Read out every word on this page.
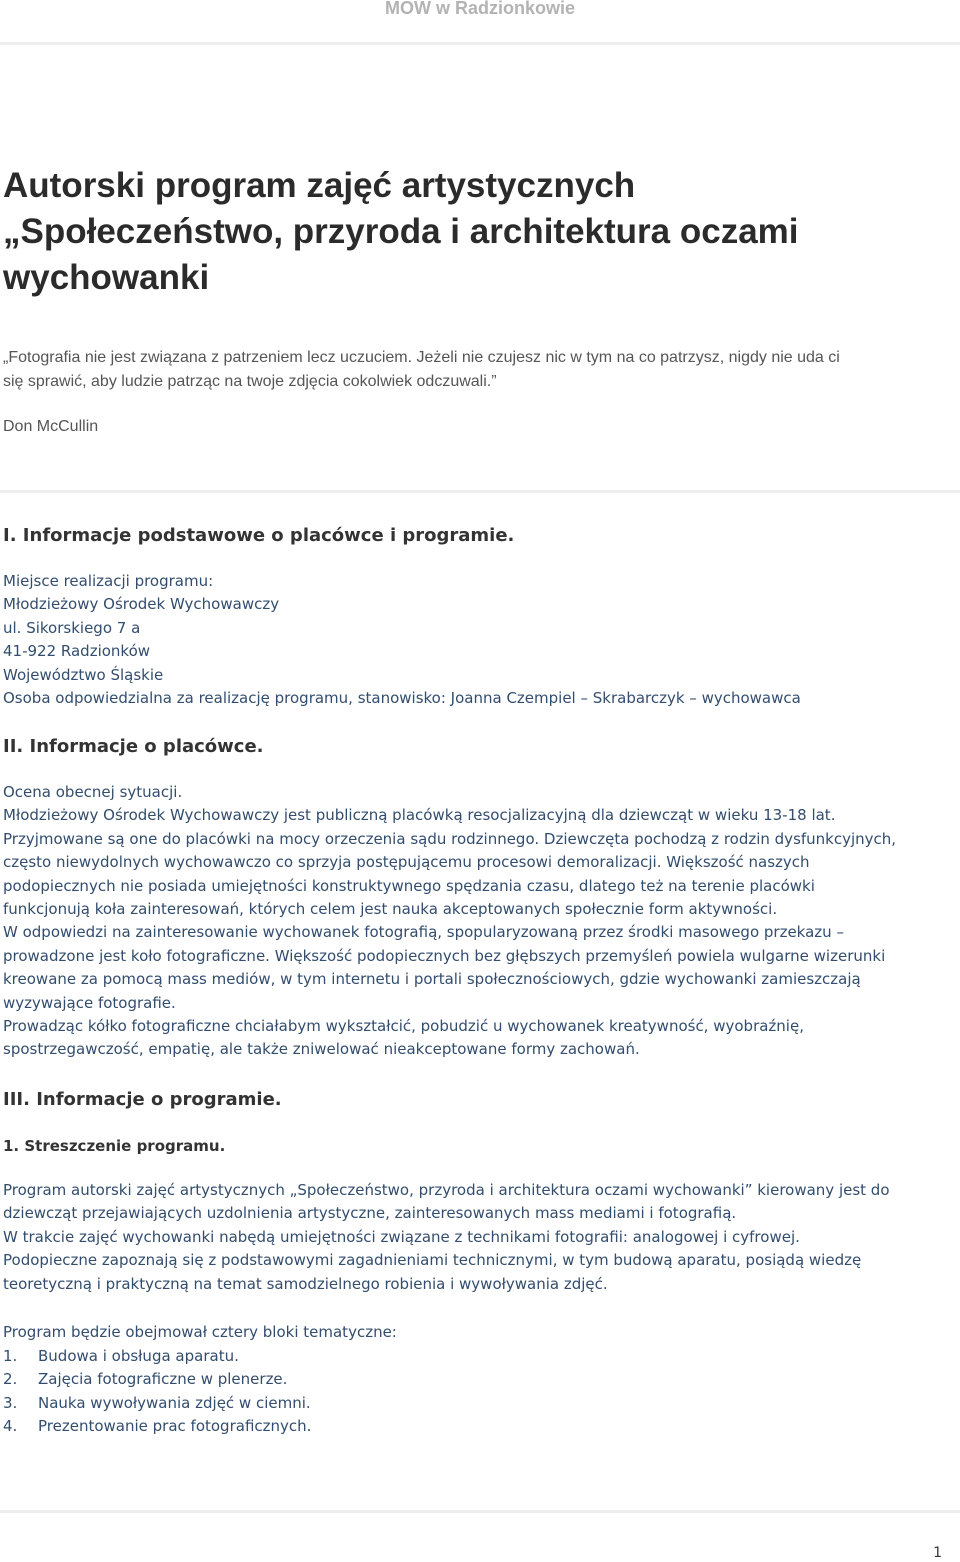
MOW w Radzionkowie
Autorski program zajęć artystycznych
„Społeczeństwo, przyroda i architektura oczami
wychowanki
„Fotografia nie jest związana z patrzeniem lecz uczuciem. Jeżeli nie czujesz nic w tym na co patrzysz, nigdy nie uda ci
się sprawić, aby ludzie patrząc na twoje zdjęcia cokolwiek odczuwali.”
Don McCullin
I. Informacje podstawowe o placówce i programie.

Miejsce realizacji programu:

Młodzieżowy Ośrodek Wychowawczy

ul. Sikorskiego 7 a

41-922 Radzionków

Województwo Śląskie

Osoba odpowiedzialna za realizację programu, stanowisko: Joanna Czempiel – Skrabarczyk – wychowawca

II. Informacje o placówce.

Ocena obecnej sytuacji.

Młodzieżowy Ośrodek Wychowawczy jest publiczną placówką resocjalizacyjną dla dziewcząt w wieku 13-18 lat.

Przyjmowane są one do placówki na mocy orzeczenia sądu rodzinnego. Dziewczęta pochodzą z rodzin dysfunkcyjnych,

często niewydolnych wychowawczo co sprzyja postępującemu procesowi demoralizacji. Większość naszych

podopiecznych nie posiada umiejętności konstruktywnego spędzania czasu, dlatego też na terenie placówki

funkcjonują koła zainteresowań, których celem jest nauka akceptowanych społecznie form aktywności.

W odpowiedzi na zainteresowanie wychowanek fotografią, spopularyzowaną przez środki masowego przekazu –

prowadzone jest koło fotograficzne. Większość podopiecznych bez głębszych przemyśleń powiela wulgarne wizerunki

kreowane za pomocą mass mediów, w tym internetu i portali społecznościowych, gdzie wychowanki zamieszczają

wyzywające fotografie.

Prowadząc kółko fotograficzne chciałabym wykształcić, pobudzić u wychowanek kreatywność, wyobraźnię,

spostrzegawczość, empatię, ale także zniwelować nieakceptowane formy zachowań.

III. Informacje o programie.
1. Streszczenie programu.

Program autorski zajęć artystycznych „Społeczeństwo, przyroda i architektura oczami wychowanki” kierowany jest do

dziewcząt przejawiających uzdolnienia artystyczne, zainteresowanych mass mediami i fotografią.

W trakcie zajęć wychowanki nabędą umiejętności związane z technikami fotografii: analogowej i cyfrowej.

Podopieczne zapoznają się z podstawowymi zagadnieniami technicznymi, w tym budową aparatu, posiądą wiedzę

teoretyczną i praktyczną na temat samodzielnego robienia i wywoływania zdjęć.

Program będzie obejmował cztery bloki tematyczne:

1.	Budowa i obsługa aparatu.
2.	Zajęcia fotograficzne w plenerze.
3.	Nauka wywoływania zdjęć w ciemni.
4.	Prezentowanie prac fotograficznych.
1
